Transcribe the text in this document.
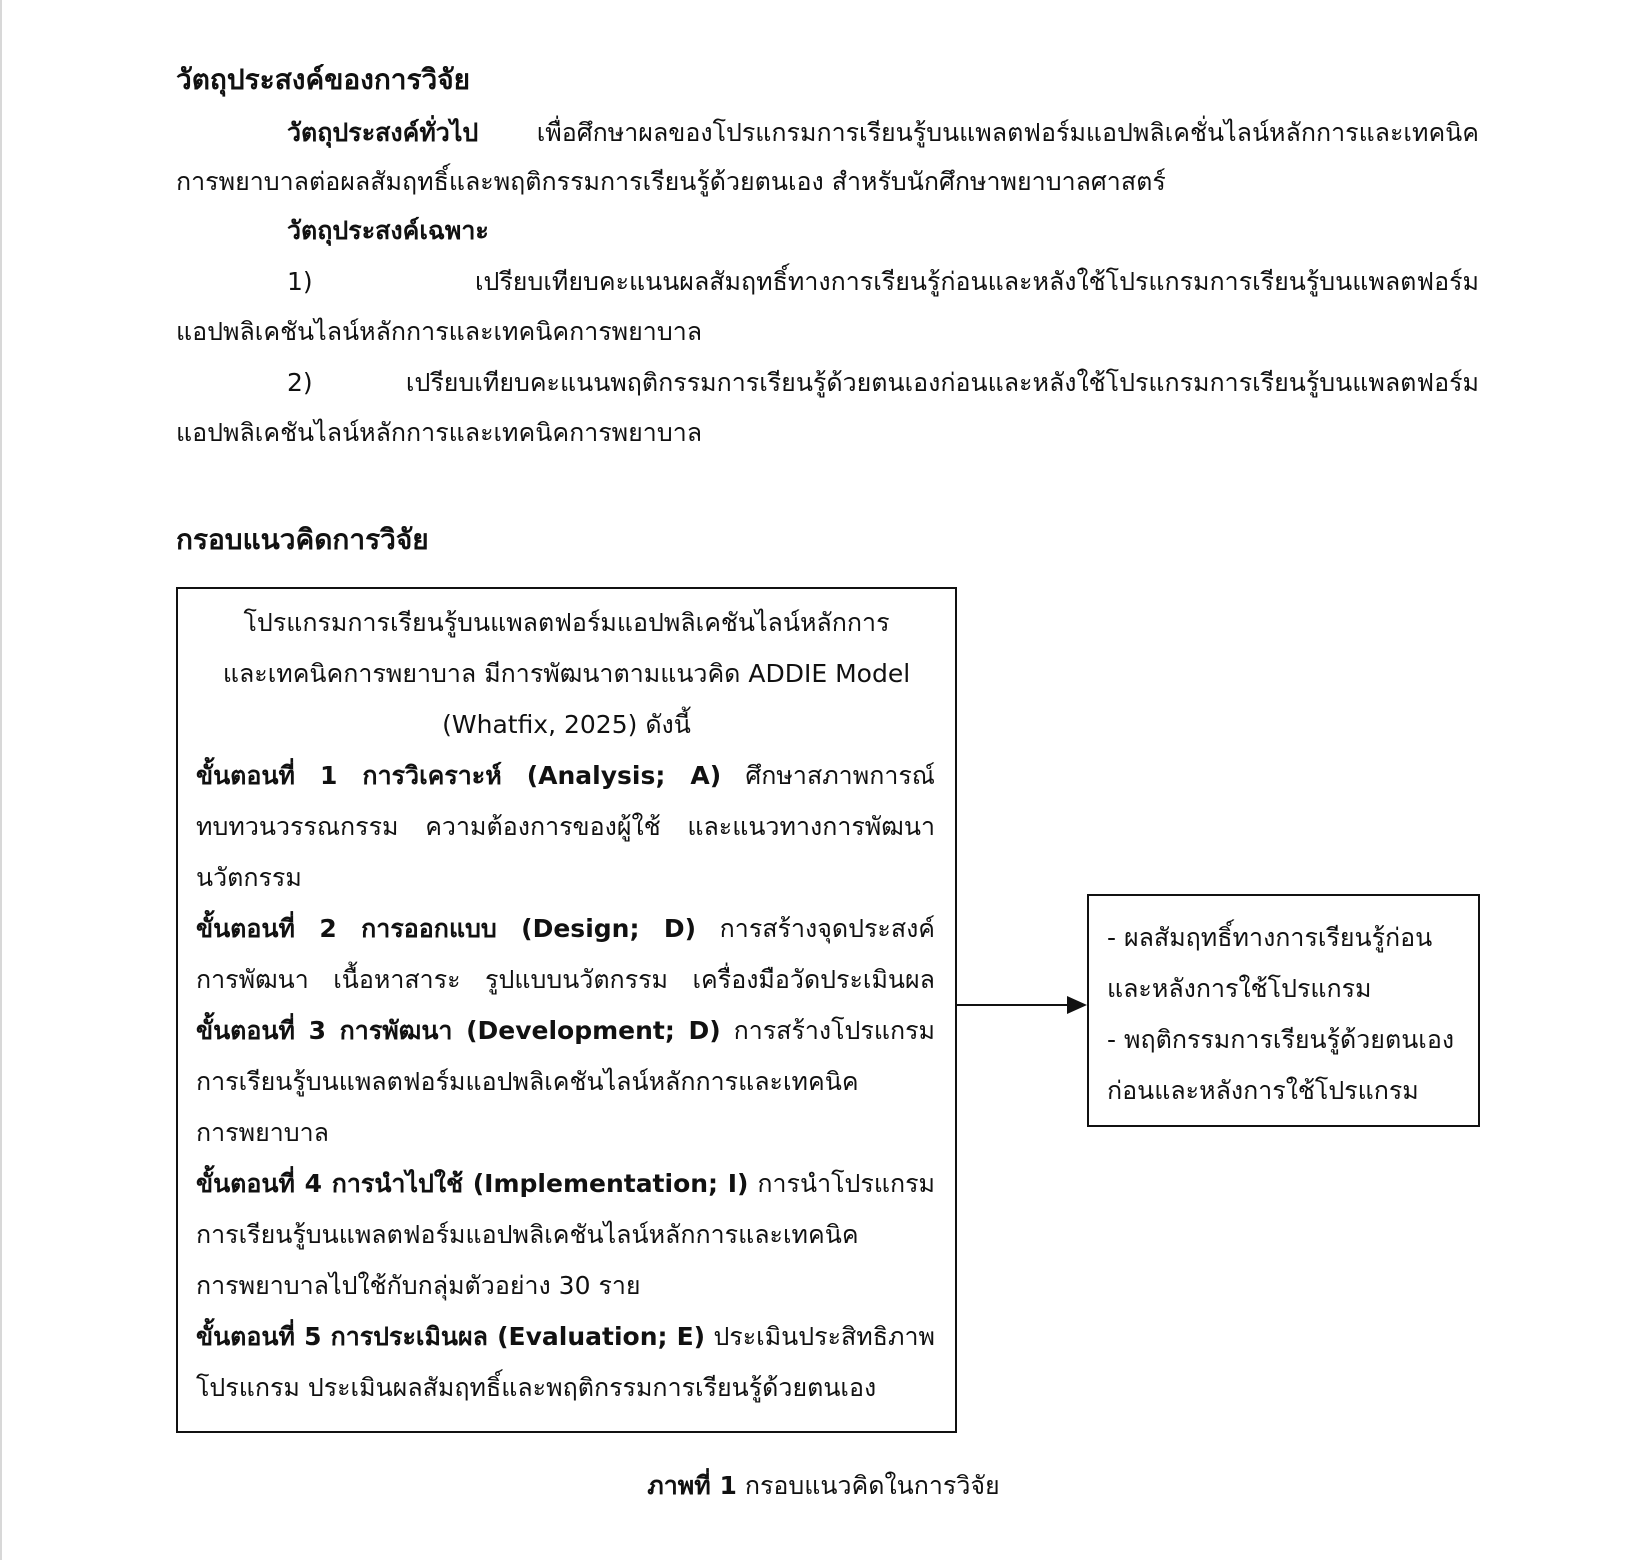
วัตถุประสงค์ของการวิจัย

วัตถุประสงค์ทั่วไป เพื่อศึกษาผลของโปรแกรมการเรียนรู้บนแพลตฟอร์มแอปพลิเคชั่นไลน์หลักการและเทคนิค

การพยาบาลต่อผลสัมฤทธิ์และพฤติกรรมการเรียนรู้ด้วยตนเอง สำหรับนักศึกษาพยาบาลศาสตร์

วัตถุประสงค์เฉพาะ

1) เปรียบเทียบคะแนนผลสัมฤทธิ์ทางการเรียนรู้ก่อนและหลังใช้โปรแกรมการเรียนรู้บนแพลตฟอร์ม

แอปพลิเคชันไลน์หลักการและเทคนิคการพยาบาล

2) เปรียบเทียบคะแนนพฤติกรรมการเรียนรู้ด้วยตนเองก่อนและหลังใช้โปรแกรมการเรียนรู้บนแพลตฟอร์ม

แอปพลิเคชันไลน์หลักการและเทคนิคการพยาบาล

กรอบแนวคิดการวิจัย

โปรแกรมการเรียนรู้บนแพลตฟอร์มแอปพลิเคชันไลน์หลักการ

และเทคนิคการพยาบาล มีการพัฒนาตามแนวคิด ADDIE Model

(Whatfix, 2025) ดังนี้

ขั้นตอนที่ 1 การวิเคราะห์ (Analysis; A) ศึกษาสภาพการณ์

ทบทวนวรรณกรรม ความต้องการของผู้ใช้ และแนวทางการพัฒนา

นวัตกรรม

ขั้นตอนที่ 2 การออกแบบ (Design; D) การสร้างจุดประสงค์

การพัฒนา เนื้อหาสาระ รูปแบบนวัตกรรม เครื่องมือวัดประเมินผล

ขั้นตอนที่ 3 การพัฒนา (Development; D) การสร้างโปรแกรม

การเรียนรู้บนแพลตฟอร์มแอปพลิเคชันไลน์หลักการและเทคนิค

การพยาบาล

ขั้นตอนที่ 4 การนำไปใช้ (Implementation; I) การนำโปรแกรม

การเรียนรู้บนแพลตฟอร์มแอปพลิเคชันไลน์หลักการและเทคนิค

การพยาบาลไปใช้กับกลุ่มตัวอย่าง 30 ราย

ขั้นตอนที่ 5 การประเมินผล (Evaluation; E) ประเมินประสิทธิภาพ

โปรแกรม ประเมินผลสัมฤทธิ์และพฤติกรรมการเรียนรู้ด้วยตนเอง

- ผลสัมฤทธิ์ทางการเรียนรู้ก่อน

และหลังการใช้โปรแกรม

- พฤติกรรมการเรียนรู้ด้วยตนเอง

ก่อนและหลังการใช้โปรแกรม

ภาพที่ 1 กรอบแนวคิดในการวิจัย
